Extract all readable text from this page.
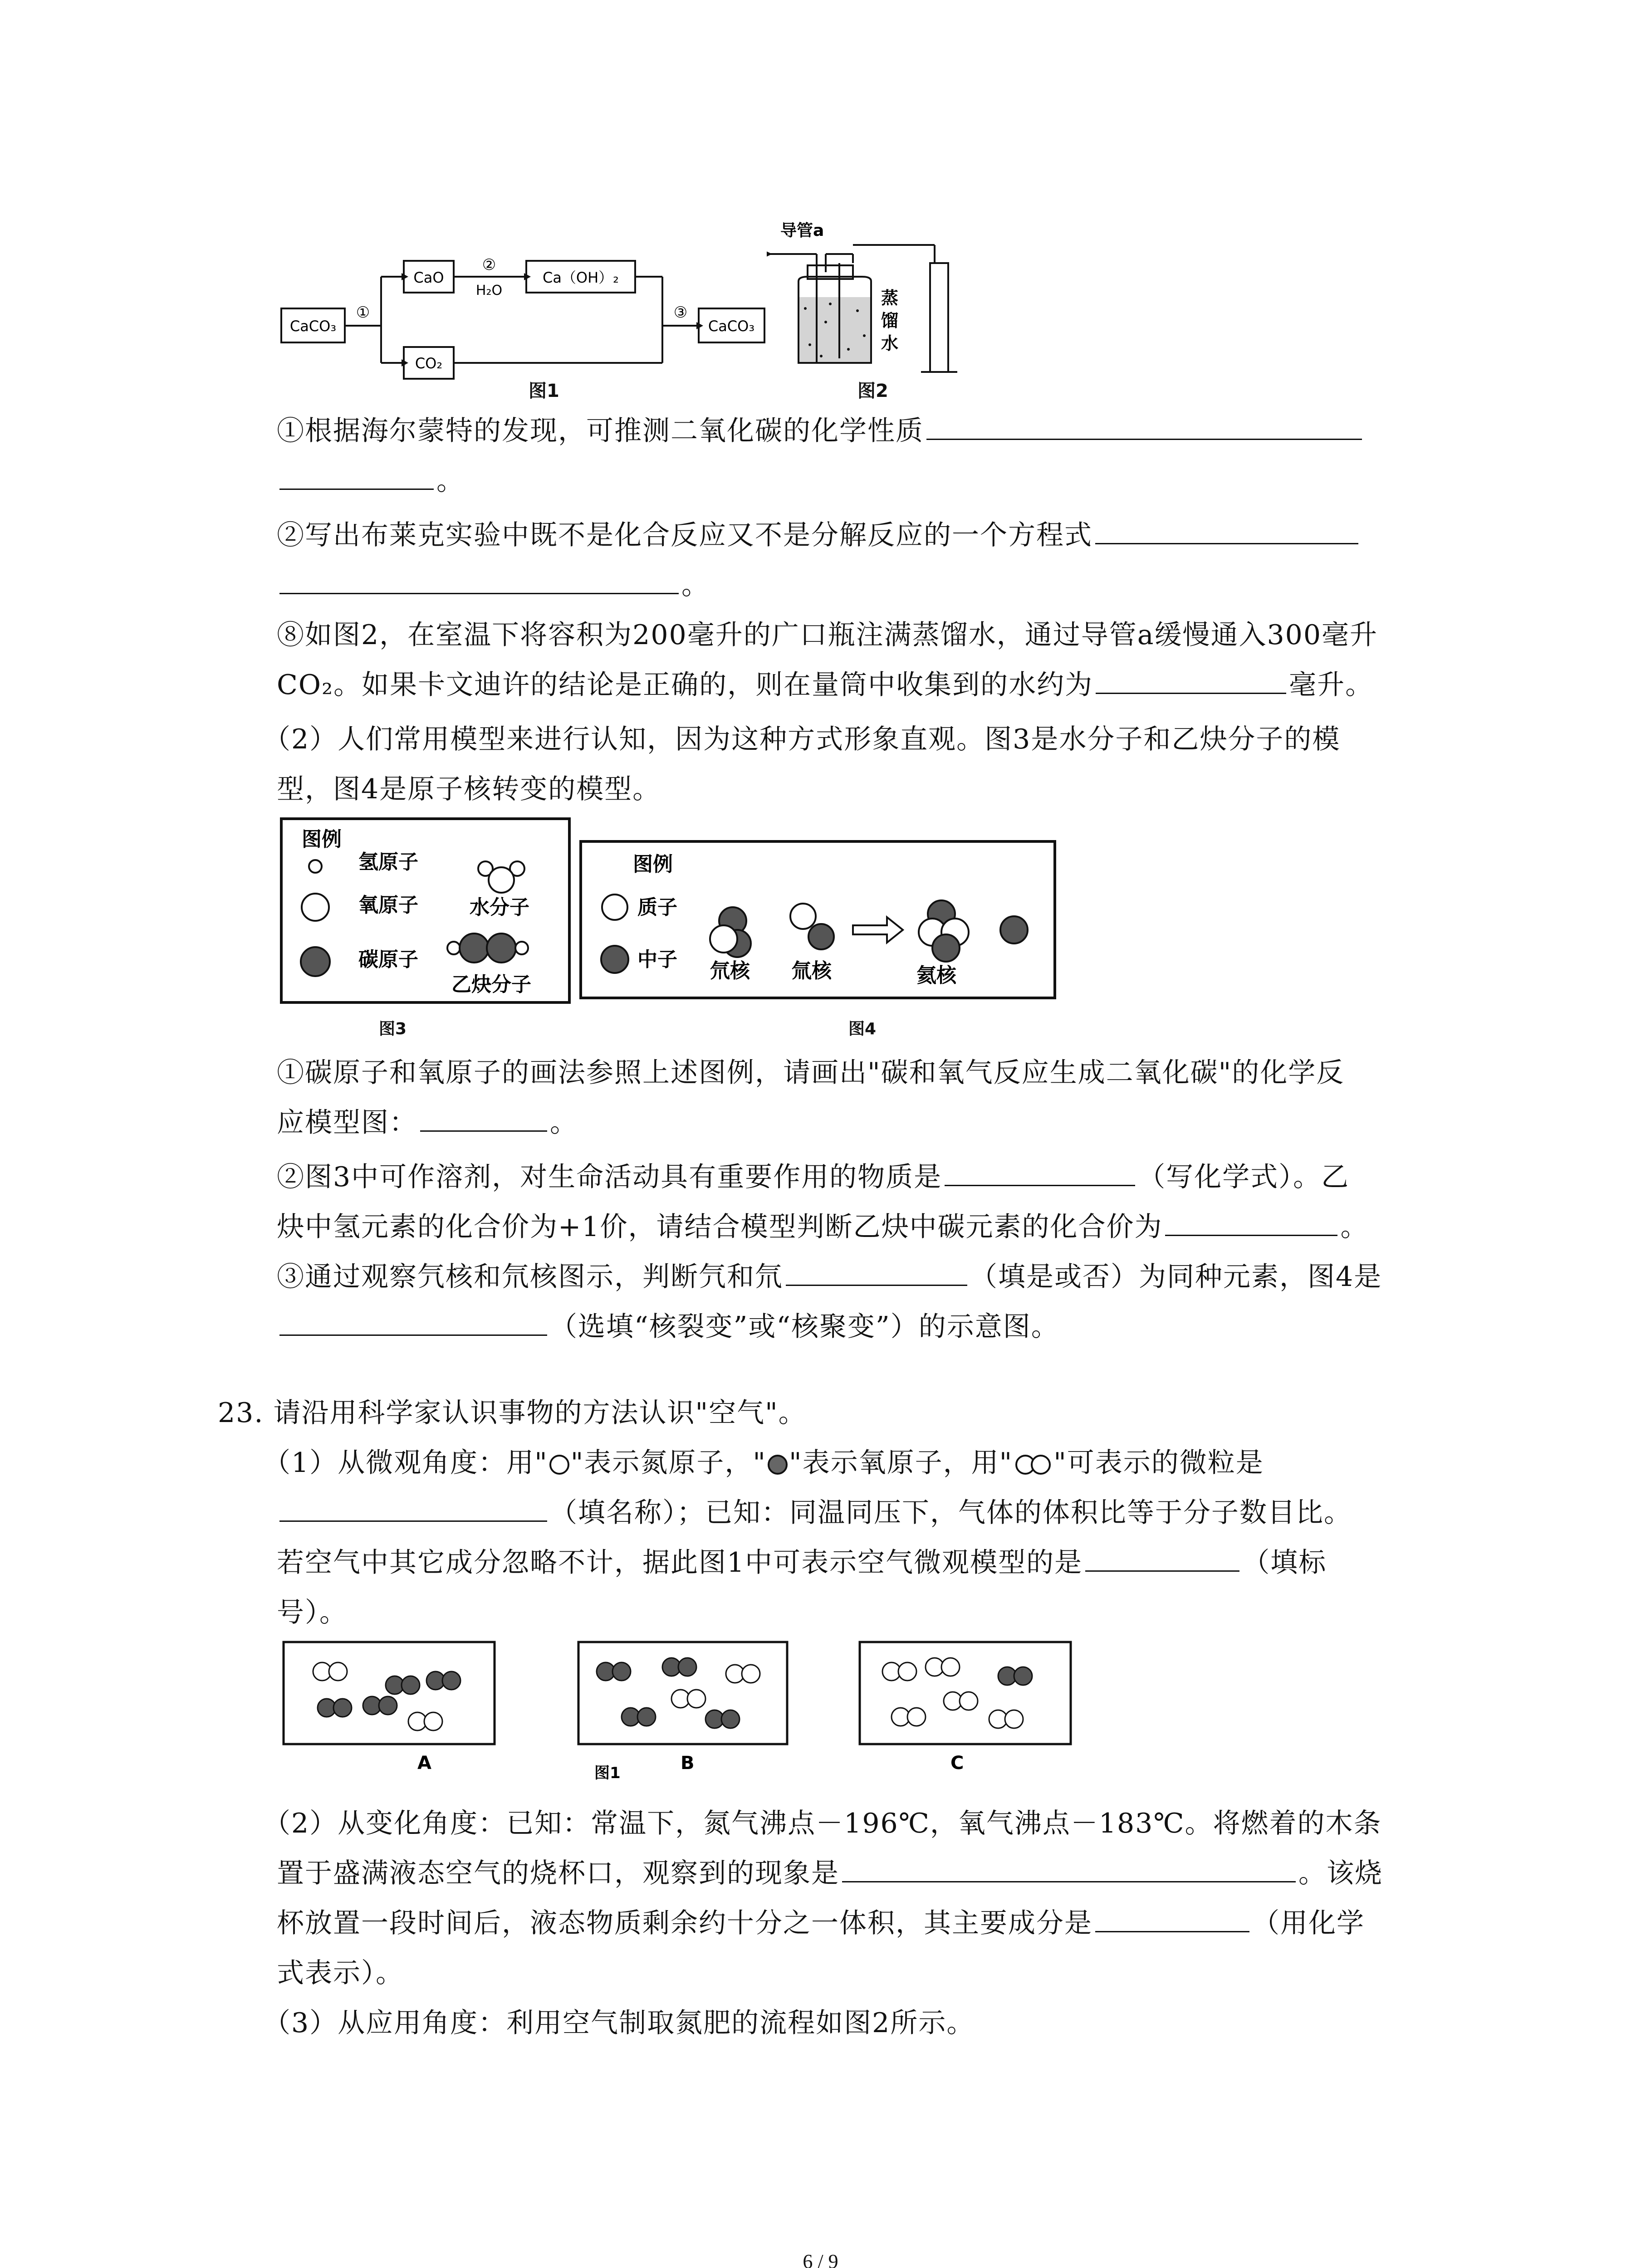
CaCO₃
①
CaO
②
H₂O
Ca（OH）₂
③
CaCO₃
CO₂
图1
导管a
蒸
馏
水
图2
①根据海尔蒙特的发现，可推测二氧化碳的化学性质
。
②写出布莱克实验中既不是化合反应又不是分解反应的一个方程式
。
⑧如图2，在室温下将容积为200毫升的广口瓶注满蒸馏水，通过导管a缓慢通入300毫升
CO₂。如果卡文迪许的结论是正确的，则在量筒中收集到的水约为	毫升。
（2）人们常用模型来进行认知，因为这种方式形象直观。图3是水分子和乙炔分子的模
型，图4是原子核转变的模型。
图例
氢原子
氧原子
碳原子
水分子
乙炔分子
图3
图例
质子
中子 氘核 氚核	氦核
图4
①碳原子和氧原子的画法参照上述图例，请画出"碳和氧气反应生成二氧化碳"的化学反
应模型图：	。
②图3中可作溶剂，对生命活动具有重要作用的物质是	（写化学式）。乙
炔中氢元素的化合价为+1价，请结合模型判断乙炔中碳元素的化合价为	。
③通过观察氕核和氘核图示，判断氕和氘	（填是或否）为同种元素，图4是
（选填“核裂变”或“核聚变”）的示意图。
23. 请沿用科学家认识事物的方法认识"空气"。
（1）从微观角度：用" "表示氮原子，" "表示氧原子，用" "可表示的微粒是
（填名称）；已知：同温同压下，气体的体积比等于分子数目比。
若空气中其它成分忽略不计，据此图1中可表示空气微观模型的是	（填标
号）。
A	B
图1	C
（2）从变化角度：已知：常温下，氮气沸点－196℃，氧气沸点－183℃。将燃着的木条
置于盛满液态空气的烧杯口，观察到的现象是	。该烧
杯放置一段时间后，液态物质剩余约十分之一体积，其主要成分是	（用化学
式表示）。
（3）从应用角度：利用空气制取氮肥的流程如图2所示。
6 / 9
